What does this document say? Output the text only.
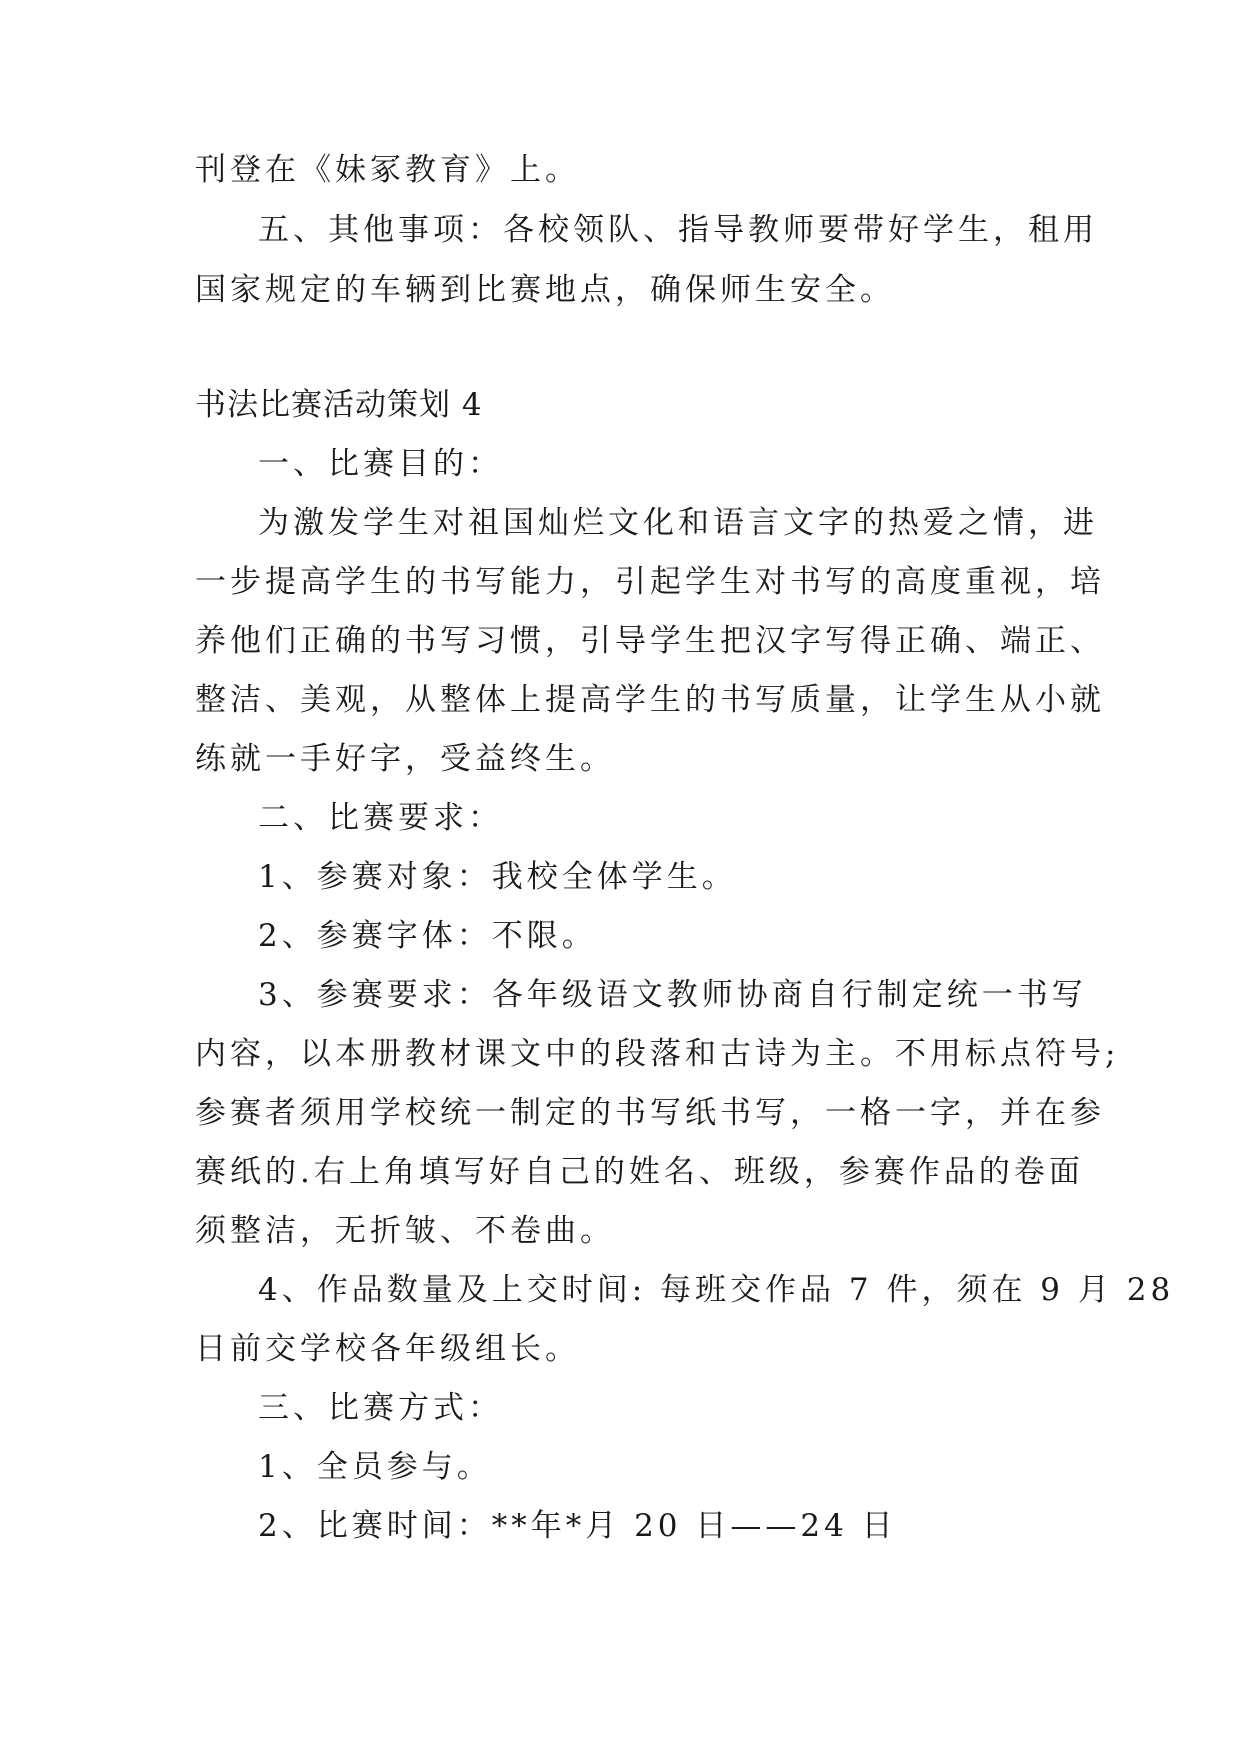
刊登在《妹冢教育》上。
五、其他事项：各校领队、指导教师要带好学生，租用
国家规定的车辆到比赛地点，确保师生安全。
书法比赛活动策划 4
一、比赛目的：
为激发学生对祖国灿烂文化和语言文字的热爱之情，进
一步提高学生的书写能力，引起学生对书写的高度重视，培
养他们正确的书写习惯，引导学生把汉字写得正确、端正、
整洁、美观，从整体上提高学生的书写质量，让学生从小就
练就一手好字，受益终生。
二、比赛要求：
1、参赛对象：我校全体学生。
2、参赛字体：不限。
3、参赛要求：各年级语文教师协商自行制定统一书写
内容，以本册教材课文中的段落和古诗为主。不用标点符号;
参赛者须用学校统一制定的书写纸书写，一格一字，并在参
赛纸的.右上角填写好自己的姓名、班级，参赛作品的卷面
须整洁，无折皱、不卷曲。
4、作品数量及上交时间: 每班交作品 7 件，须在 9 月 28
日前交学校各年级组长。
三、比赛方式：
1、全员参与。
2、比赛时间：**年*月 20 日——24 日
